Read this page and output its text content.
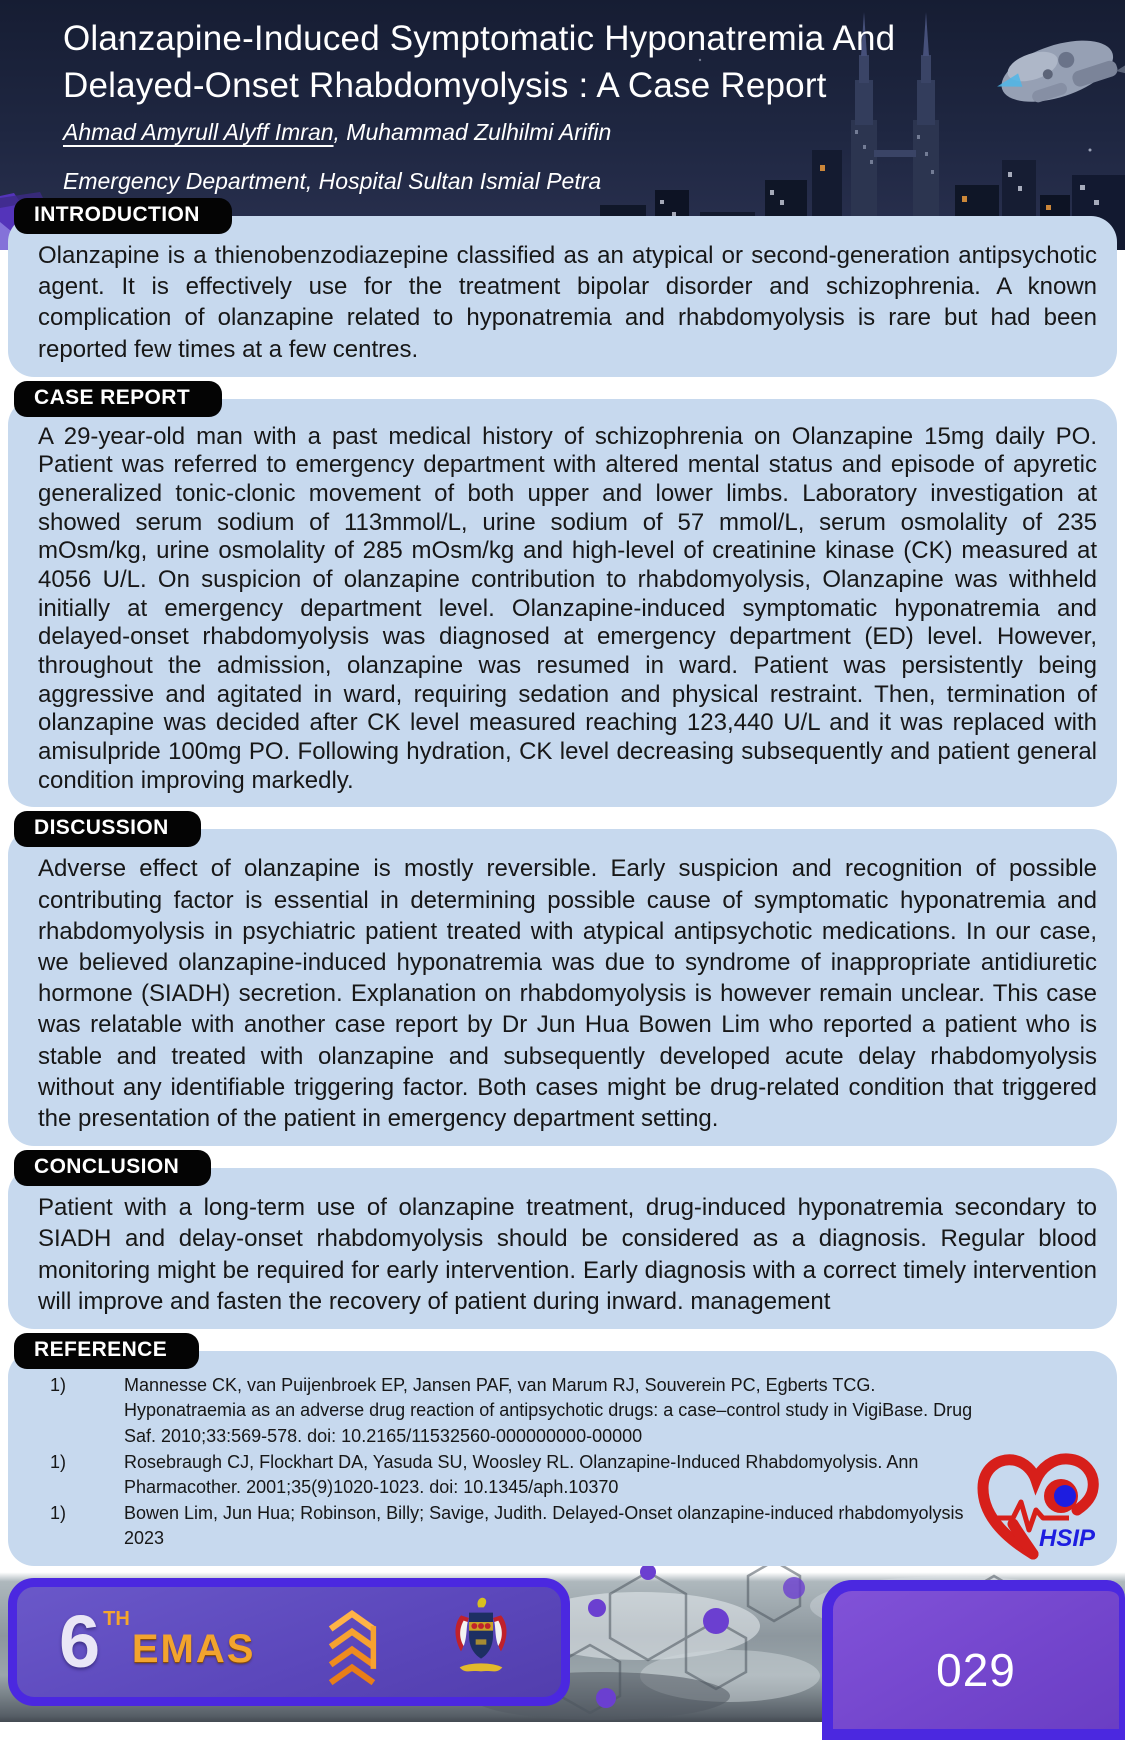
Olanzapine-Induced Symptomatic Hyponatremia And
Delayed-Onset Rhabdomyolysis : A Case Report

Ahmad Amyrull Alyff Imran, Muhammad Zulhilmi Arifin

Emergency Department, Hospital Sultan Ismial Petra

INTRODUCTION
Olanzapine is a thienobenzodiazepine classified as an atypical or second-generation antipsychotic agent. It is effectively use for the treatment bipolar disorder and schizophrenia. A known complication of olanzapine related to hyponatremia and rhabdomyolysis is rare but had been reported few times at a few centres.
CASE REPORT
A 29-year-old man with a past medical history of schizophrenia on Olanzapine 15mg daily PO. Patient was referred to emergency department with altered mental status and episode of apyretic generalized tonic-clonic movement of both upper and lower limbs. Laboratory investigation at showed serum sodium of 113mmol/L, urine sodium of 57 mmol/L, serum osmolality of 235 mOsm/kg, urine osmolality of 285 mOsm/kg and high-level of creatinine kinase (CK) measured at 4056 U/L. On suspicion of olanzapine contribution to rhabdomyolysis, Olanzapine was withheld initially at emergency department level. Olanzapine-induced symptomatic hyponatremia and delayed-onset rhabdomyolysis was diagnosed at emergency department (ED) level. However, throughout the admission, olanzapine was resumed in ward. Patient was persistently being aggressive and agitated in ward, requiring sedation and physical restraint. Then, termination of olanzapine was decided after CK level measured reaching 123,440 U/L and it was replaced with amisulpride 100mg PO. Following hydration, CK level decreasing subsequently and patient general condition improving markedly.
DISCUSSION
Adverse effect of olanzapine is mostly reversible. Early suspicion and recognition of possible contributing factor is essential in determining possible cause of symptomatic hyponatremia and rhabdomyolysis in psychiatric patient treated with atypical antipsychotic medications. In our case, we believed olanzapine-induced hyponatremia was due to syndrome of inappropriate antidiuretic hormone (SIADH) secretion. Explanation on rhabdomyolysis is however remain unclear. This case was relatable with another case report by Dr Jun Hua Bowen Lim who reported a patient who is stable and treated with olanzapine and subsequently developed acute delay rhabdomyolysis without any identifiable triggering factor. Both cases might be drug-related condition that triggered the presentation of the patient in emergency department setting.
CONCLUSION
Patient with a long-term use of olanzapine treatment, drug-induced hyponatremia secondary to SIADH and delay-onset rhabdomyolysis should be considered as a diagnosis. Regular blood monitoring might be required for early intervention. Early diagnosis with a correct timely intervention will improve and fasten the recovery of patient during inward. management
REFERENCE
1)	Mannesse CK, van Puijenbroek EP, Jansen PAF, van Marum RJ, Souverein PC, Egberts TCG. Hyponatraemia as an adverse drug reaction of antipsychotic drugs: a case–control study in VigiBase. Drug Saf. 2010;33:569-578. doi: 10.2165/11532560-000000000-00000
1)	Rosebraugh CJ, Flockhart DA, Yasuda SU, Woosley RL. Olanzapine-Induced Rhabdomyolysis. Ann Pharmacother. 2001;35(9)1020-1023. doi: 10.1345/aph.10370
1)	Bowen Lim, Jun Hua; Robinson, Billy; Savige, Judith. Delayed-Onset olanzapine-induced rhabdomyolysis 2023	HSIP
6 TH
EMAS	029
